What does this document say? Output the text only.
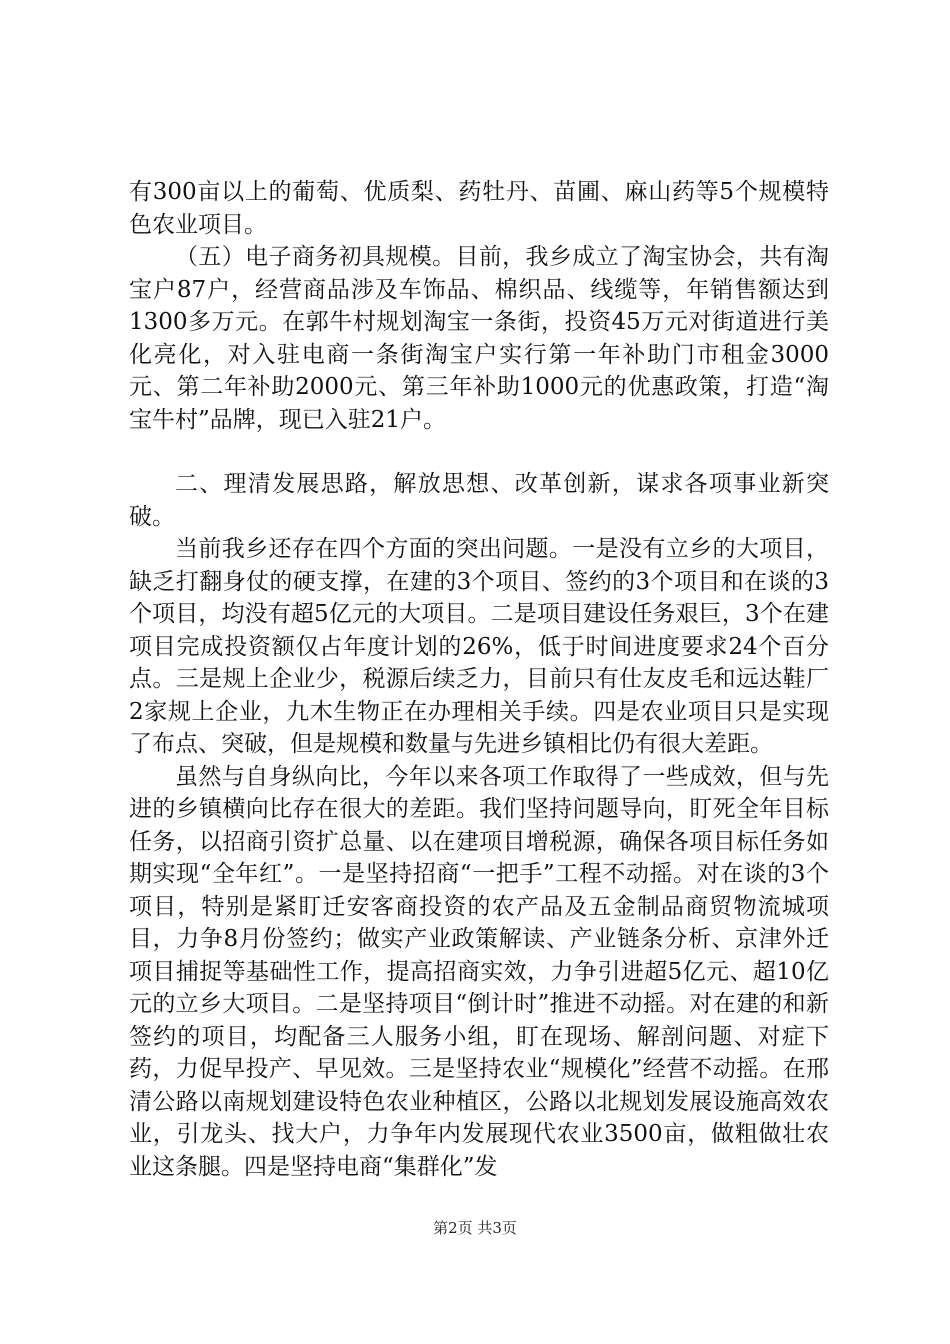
有300亩以上的葡萄、优质梨、药牡丹、苗圃、麻山药等5个规模特色农业项目。

（五）电子商务初具规模。目前，我乡成立了淘宝协会，共有淘宝户87户，经营商品涉及车饰品、棉织品、线缆等，年销售额达到1300多万元。在郭牛村规划淘宝一条街，投资45万元对街道进行美化亮化，对入驻电商一条街淘宝户实行第一年补助门市租金3000元、第二年补助2000元、第三年补助1000元的优惠政策，打造“淘宝牛村”品牌，现已入驻21户。

二、理清发展思路，解放思想、改革创新，谋求各项事业新突破。

当前我乡还存在四个方面的突出问题。一是没有立乡的大项目，缺乏打翻身仗的硬支撑，在建的3个项目、签约的3个项目和在谈的3个项目，均没有超5亿元的大项目。二是项目建设任务艰巨，3个在建项目完成投资额仅占年度计划的26%，低于时间进度要求24个百分点。三是规上企业少，税源后续乏力，目前只有仕友皮毛和远达鞋厂2家规上企业，九木生物正在办理相关手续。四是农业项目只是实现了布点、突破，但是规模和数量与先进乡镇相比仍有很大差距。

虽然与自身纵向比，今年以来各项工作取得了一些成效，但与先进的乡镇横向比存在很大的差距。我们坚持问题导向，盯死全年目标任务，以招商引资扩总量、以在建项目增税源，确保各项目标任务如期实现“全年红”。一是坚持招商“一把手”工程不动摇。对在谈的3个项目，特别是紧盯迁安客商投资的农产品及五金制品商贸物流城项目，力争8月份签约；做实产业政策解读、产业链条分析、京津外迁项目捕捉等基础性工作，提高招商实效，力争引进超5亿元、超10亿元的立乡大项目。二是坚持项目“倒计时”推进不动摇。对在建的和新签约的项目，均配备三人服务小组，盯在现场、解剖问题、对症下药，力促早投产、早见效。三是坚持农业“规模化”经营不动摇。在邢清公路以南规划建设特色农业种植区，公路以北规划发展设施高效农业，引龙头、找大户，力争年内发展现代农业3500亩，做粗做壮农业这条腿。四是坚持电商“集群化”发

第2页 共3页
